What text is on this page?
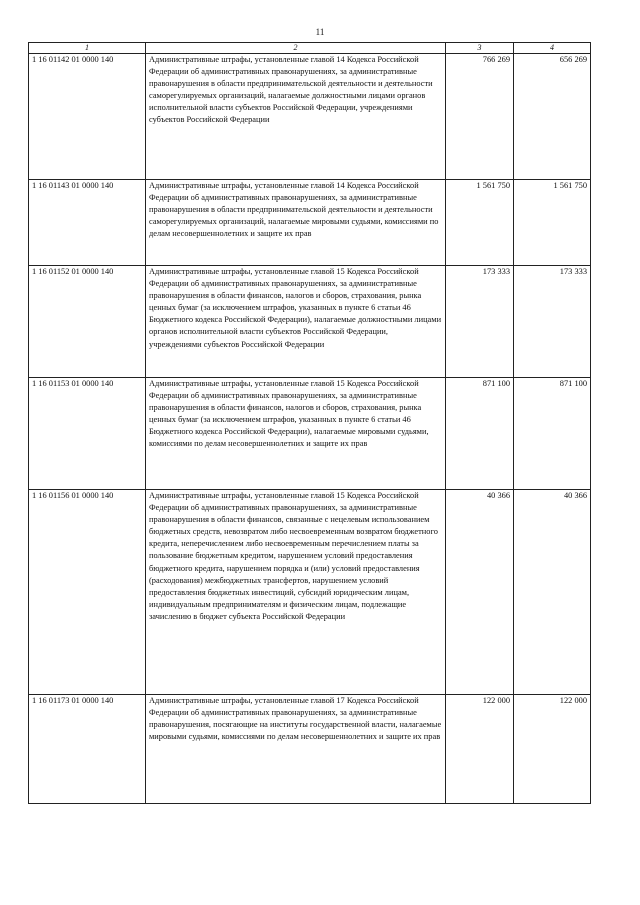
11
1	2	3	4
1 16 01142 01 0000 140	Административные штрафы, установленные главой 14 Кодекса Российской Федерации об административных правонарушениях, за административные правонарушения в области предпринимательской деятельности и деятельности саморегулируемых организаций, налагаемые должностными лицами органов исполнительной власти субъектов Российской Федерации, учреждениями субъектов Российской Федерации	766 269	656 269
1 16 01143 01 0000 140	Административные штрафы, установленные главой 14 Кодекса Российской Федерации об административных правонарушениях, за административные правонарушения в области предпринимательской деятельности и деятельности саморегулируемых организаций, налагаемые мировыми судьями, комиссиями по делам несовершеннолетних и защите их прав	1 561 750	1 561 750
1 16 01152 01 0000 140	Административные штрафы, установленные главой 15 Кодекса Российской Федерации об административных правонарушениях, за административные правонарушения в области финансов, налогов и сборов, страхования, рынка ценных бумаг (за исключением штрафов, указанных в пункте 6 статьи 46 Бюджетного кодекса Российской Федерации), налагаемые должностными лицами органов исполнительной власти субъектов Российской Федерации, учреждениями субъектов Российской Федерации	173 333	173 333
1 16 01153 01 0000 140	Административные штрафы, установленные главой 15 Кодекса Российской Федерации об административных правонарушениях, за административные правонарушения в области финансов, налогов и сборов, страхования, рынка ценных бумаг (за исключением штрафов, указанных в пункте 6 статьи 46 Бюджетного кодекса Российской Федерации), налагаемые мировыми судьями, комиссиями по делам несовершеннолетних и защите их прав	871 100	871 100
1 16 01156 01 0000 140	Административные штрафы, установленные главой 15 Кодекса Российской Федерации об административных правонарушениях, за административные правонарушения в области финансов, связанные с нецелевым использованием бюджетных средств, невозвратом либо несвоевременным возвратом бюджетного кредита, неперечислением либо несвоевременным перечислением платы за пользование бюджетным кредитом, нарушением условий предоставления бюджетного кредита, нарушением порядка и (или) условий предоставления (расходования) межбюджетных трансфертов, нарушением условий предоставления бюджетных инвестиций, субсидий юридическим лицам, индивидуальным предпринимателям и физическим лицам, подлежащие зачислению в бюджет субъекта Российской Федерации	40 366	40 366
1 16 01173 01 0000 140	Административные штрафы, установленные главой 17 Кодекса Российской Федерации об административных правонарушениях, за административные правонарушения, посягающие на институты государственной власти, налагаемые мировыми судьями, комиссиями по делам несовершеннолетних и защите их прав	122 000	122 000
